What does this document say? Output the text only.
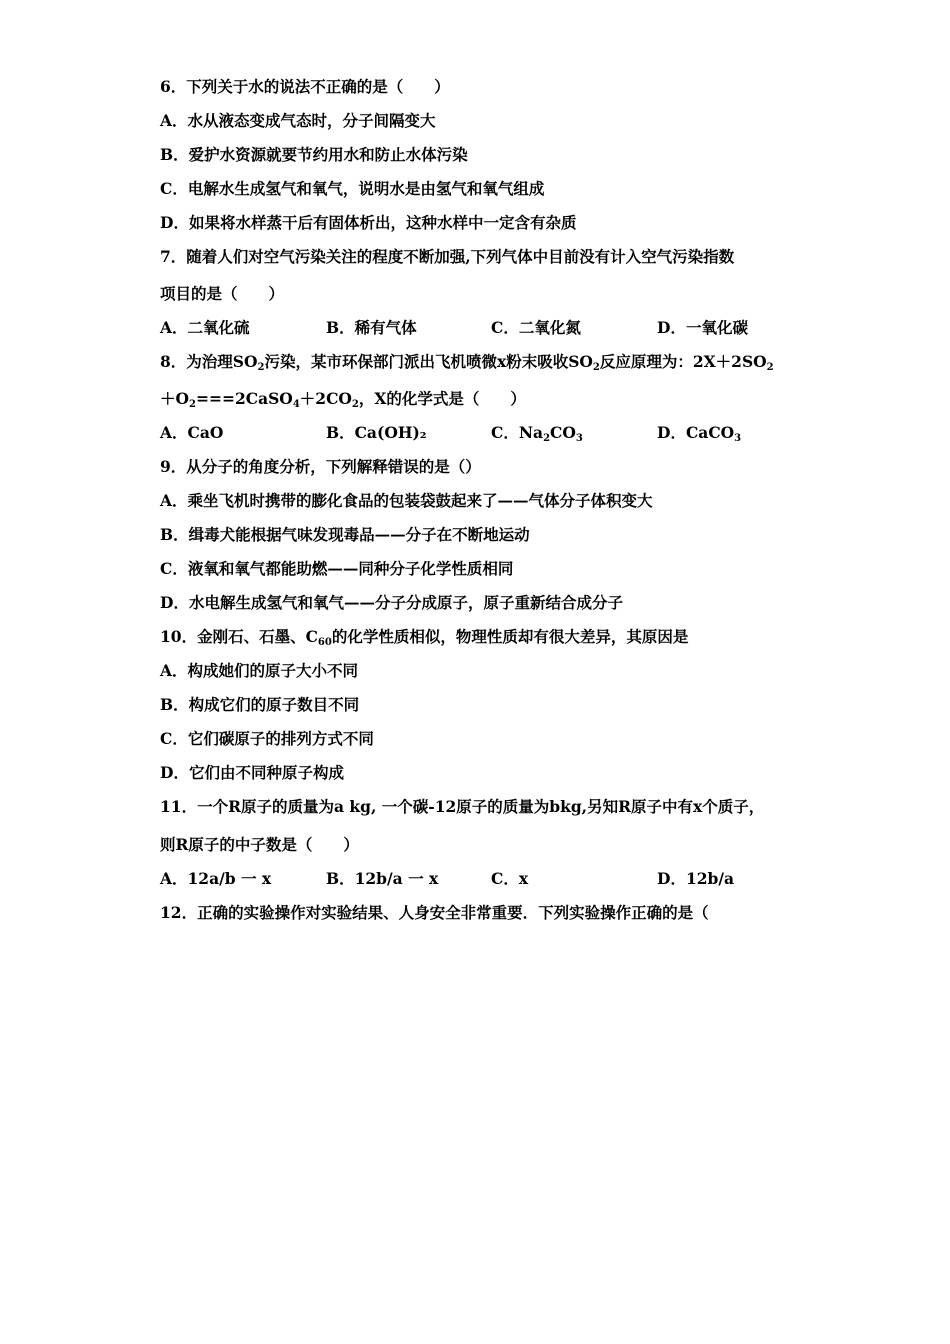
6．下列关于水的说法不正确的是（　　）
A．水从液态变成气态时，分子间隔变大
B．爱护水资源就要节约用水和防止水体污染
C．电解水生成氢气和氧气，说明水是由氢气和氧气组成
D．如果将水样蒸干后有固体析出，这种水样中一定含有杂质
7．随着人们对空气污染关注的程度不断加强,下列气体中目前没有计入空气污染指数
项目的是（　　）
A．二氧化硫	B．稀有气体	C．二氧化氮	D．一氧化碳
8．为治理$SO_2$污染，某市环保部门派出飞机喷微x粉末吸收$SO_2$反应原理为：$2X+2SO_2$
$+O_2===2CaSO_4+2CO_2$，X的化学式是（　　）
A．CaO	B．Ca(OH)₂	C．$Na_2CO_3$	D．CaCO$_3$
9．从分子的角度分析，下列解释错误的是（）
A．乘坐飞机时携带的膨化食品的包装袋鼓起来了——气体分子体积变大
B．缉毒犬能根据气味发现毒品——分子在不断地运动
C．液氧和氧气都能助燃——同种分子化学性质相同
D．水电解生成氢气和氧气——分子分成原子，原子重新结合成分子
10．金刚石、石墨、$C_{60}$的化学性质相似，物理性质却有很大差异，其原因是
A．构成她们的原子大小不同
B．构成它们的原子数目不同
C．它们碳原子的排列方式不同
D．它们由不同种原子构成
11．一个R原子的质量为a kg, 一个碳-12原子的质量为bkg,另知R原子中有x个质子，
则R原子的中子数是（　　）
A．12a/b 一 x	B．12b/a 一 x	C．x	D．12b/a
12．正确的实验操作对实验结果、人身安全非常重要．下列实验操作正确的是（
